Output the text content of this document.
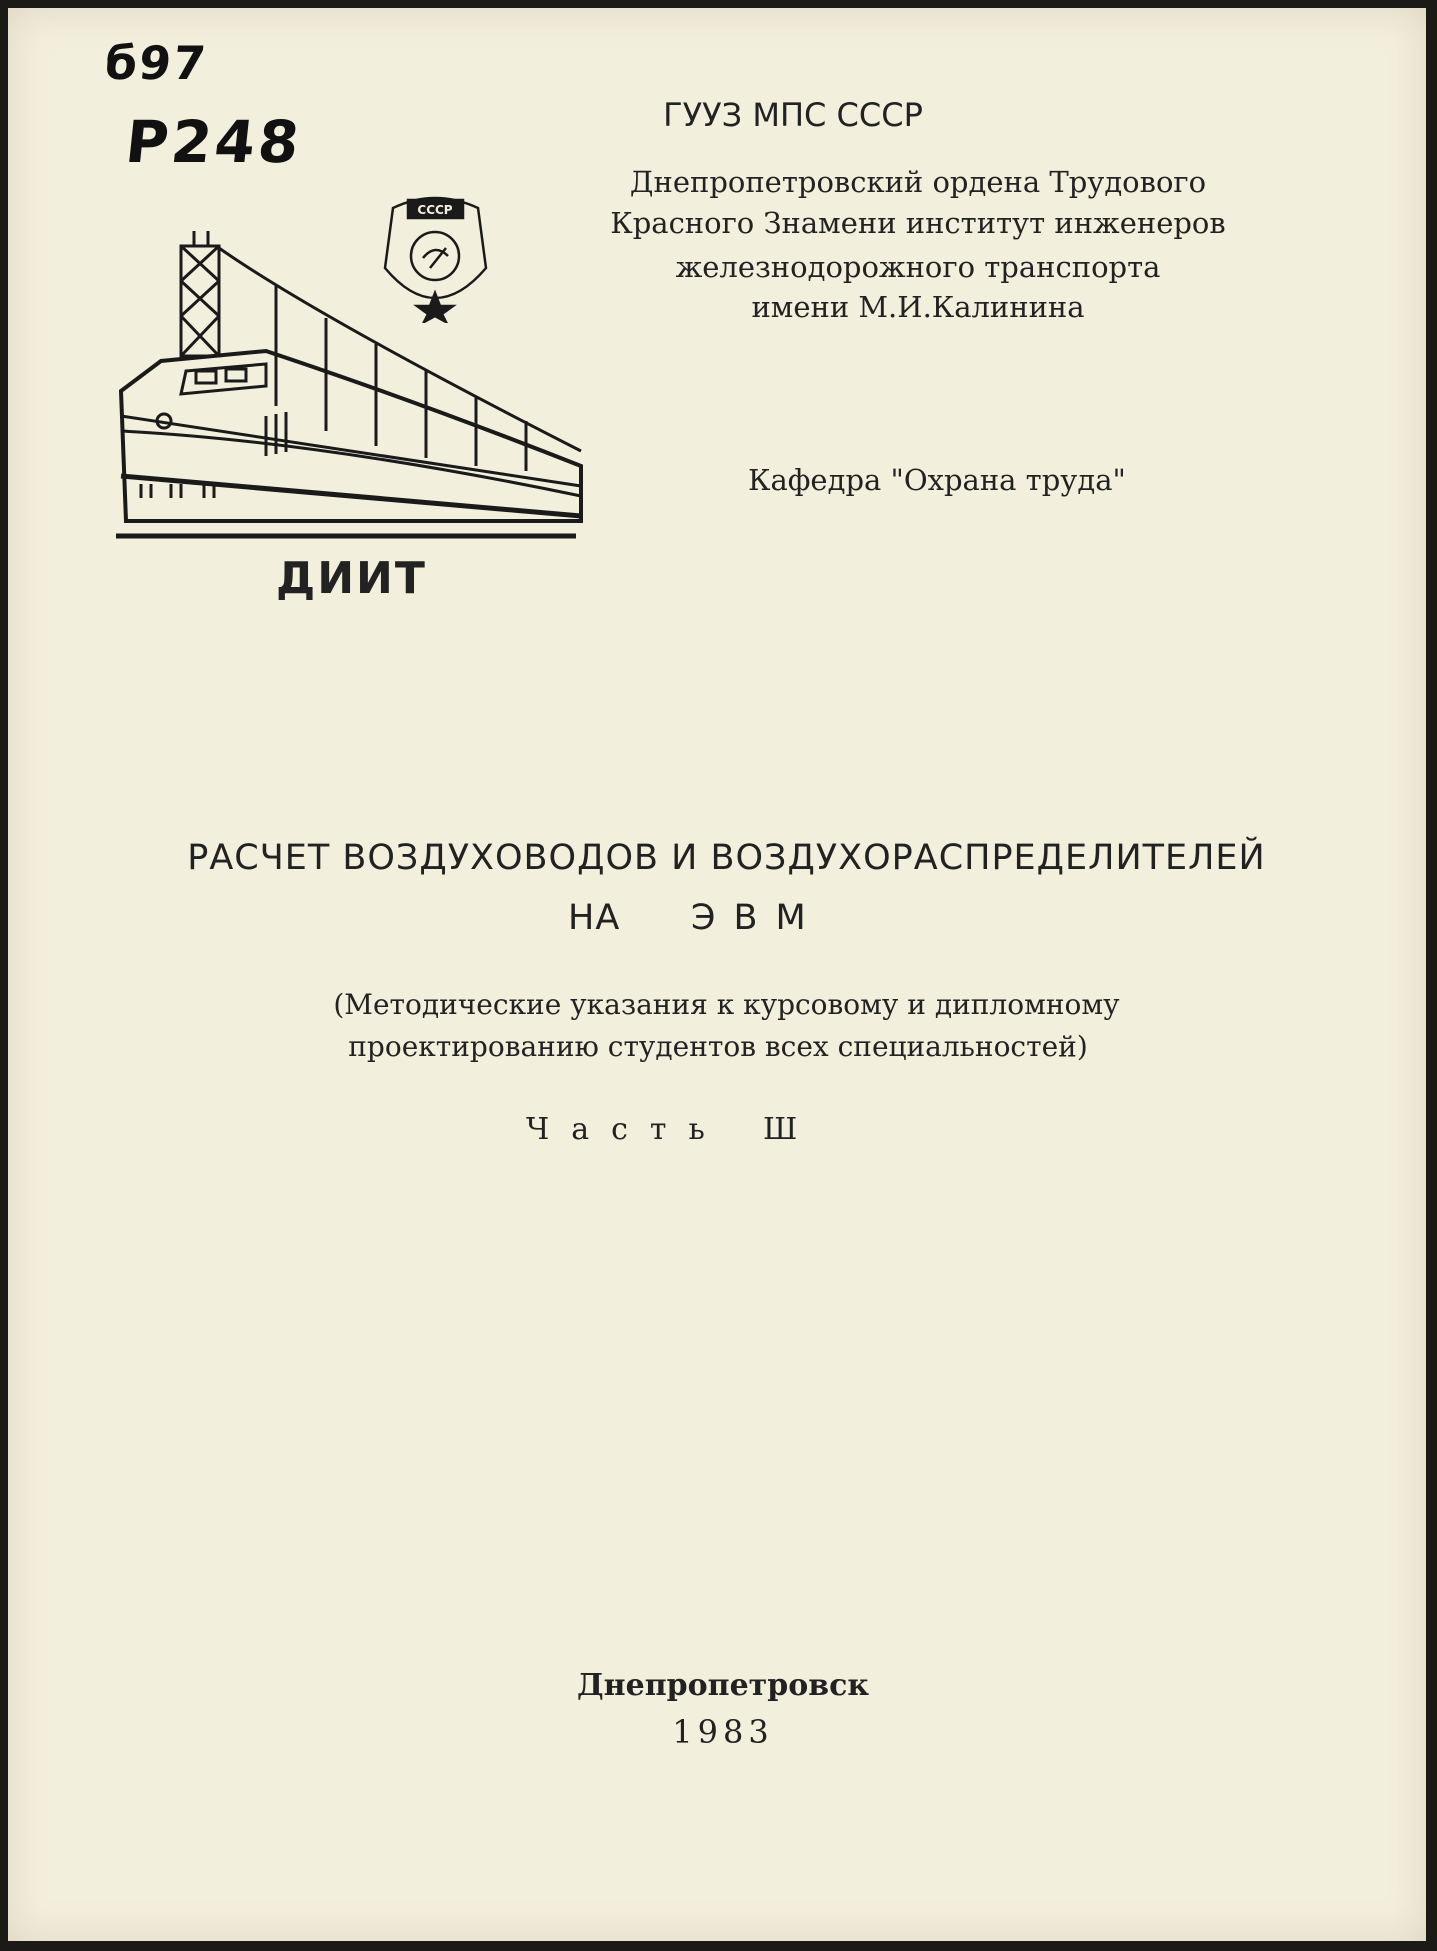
б97
Р248
СССР
ГУУЗ МПС СССР
Днепропетровский ордена Трудового
Красного Знамени институт инженеров
железнодорожного транспорта
имени М.И.Калинина
Кафедра "Охрана труда"
ДИИТ
РАСЧЕТ ВОЗДУХОВОДОВ И ВОЗДУХОРАСПРЕДЕЛИТЕЛЕЙ
НА ЭВМ
(Методические указания к курсовому и дипломному
проектированию студентов всех специальностей)
Часть Ш
Днепропетровск
1983
